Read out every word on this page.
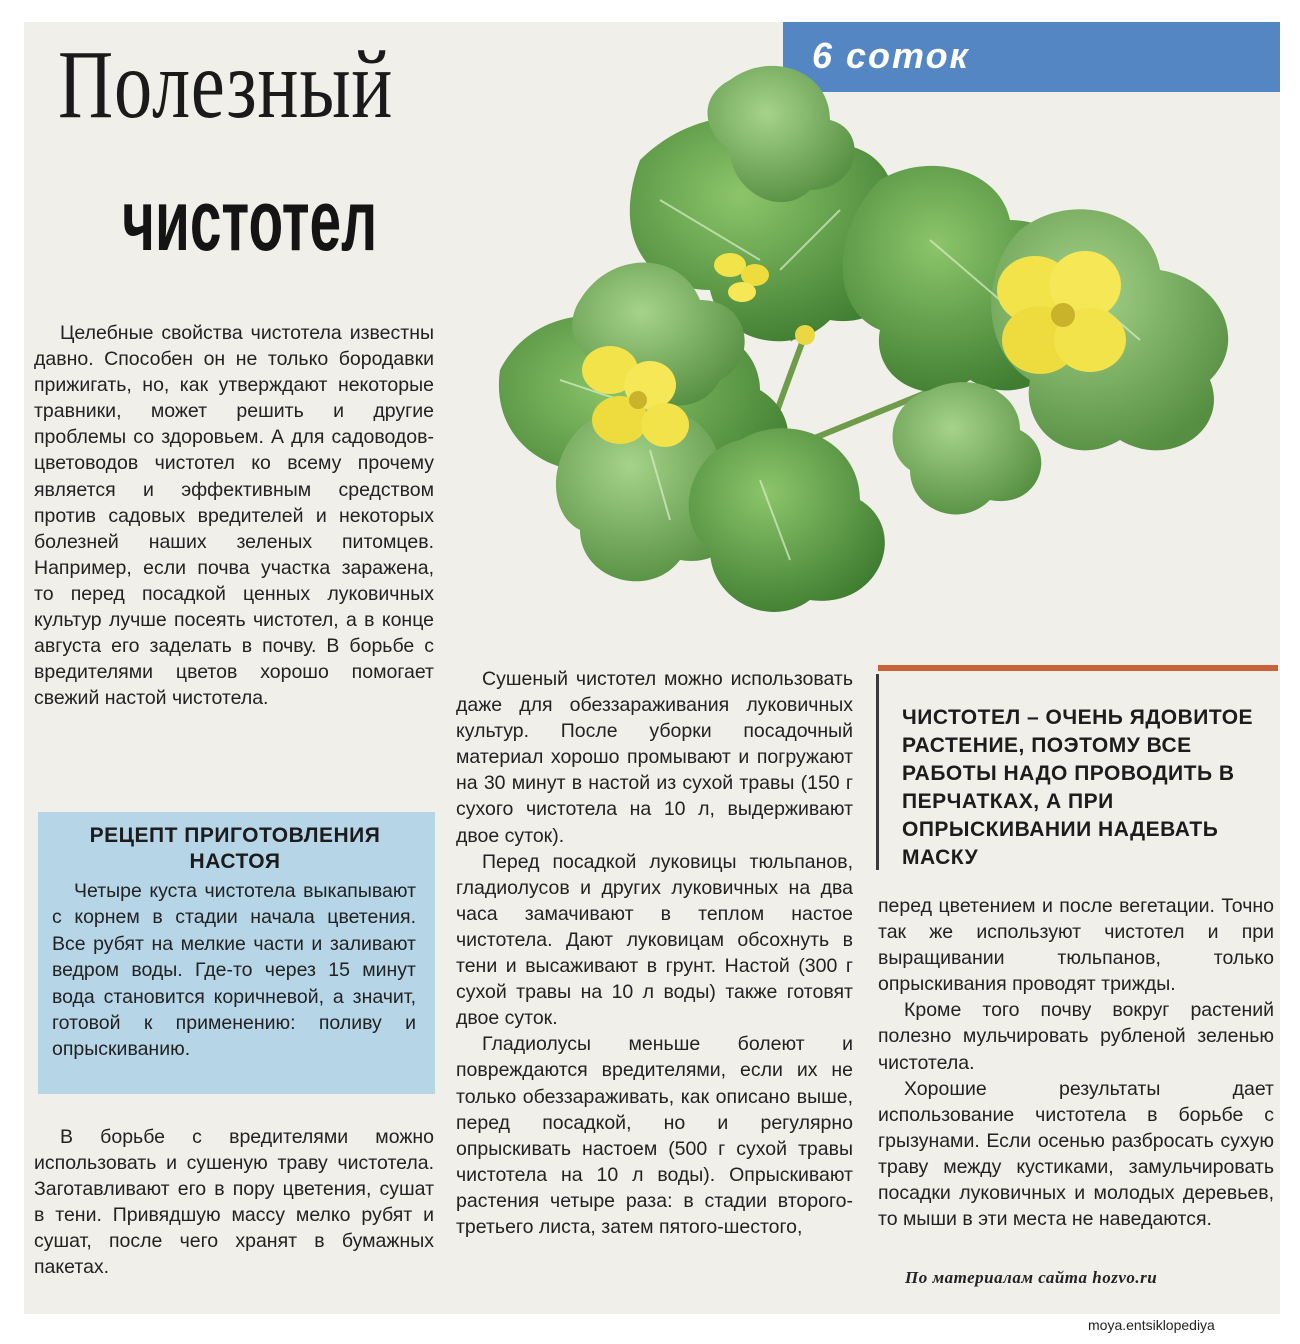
6 соток
Полезный
чистотел

Целебные свойства чистотела известны давно. Способен он не только бородавки прижигать, но, как утверждают некоторые травники, может решить и другие проблемы со здоровьем. А для садоводов-цветоводов чистотел ко всему прочему является и эффективным средством против садовых вредителей и некоторых болезней наших зеленых питомцев. Например, если почва участка заражена, то перед посадкой ценных луковичных культур лучше посеять чистотел, а в конце августа его заделать в почву. В борьбе с вредителями цветов хорошо помогает свежий настой чистотела.

РЕЦЕПТ ПРИГОТОВЛЕНИЯ НАСТОЯ

Четыре куста чистотела выкапывают с корнем в стадии начала цветения. Все рубят на мелкие части и заливают ведром воды. Где-то через 15 минут вода становится коричневой, а значит, готовой к применению: поливу и опрыскиванию.

В борьбе с вредителями можно использовать и сушеную траву чистотела. Заготавливают его в пору цветения, сушат в тени. Привядшую массу мелко рубят и сушат, после чего хранят в бумажных пакетах.

Сушеный чистотел можно использовать даже для обеззараживания луковичных культур. После уборки посадочный материал хорошо промывают и погружают на 30 минут в настой из сухой травы (150 г сухого чистотела на 10 л, выдерживают двое суток).

Перед посадкой луковицы тюльпанов, гладиолусов и других луковичных на два часа замачивают в теплом настое чистотела. Дают луковицам обсохнуть в тени и высаживают в грунт. Настой (300 г сухой травы на 10 л воды) также готовят двое суток.

Гладиолусы меньше болеют и повреждаются вредителями, если их не только обеззараживать, как описано выше, перед посадкой, но и регулярно опрыскивать настоем (500 г сухой травы чистотела на 10 л воды). Опрыскивают растения четыре раза: в стадии второго-третьего листа, затем пятого-шестого,

ЧИСТОТЕЛ – ОЧЕНЬ ЯДОВИТОЕ РАСТЕНИЕ, ПОЭТОМУ ВСЕ РАБОТЫ НАДО ПРОВОДИТЬ В ПЕРЧАТКАХ, А ПРИ ОПРЫСКИВАНИИ НАДЕВАТЬ МАСКУ

перед цветением и после вегетации. Точно так же используют чистотел и при выращивании тюльпанов, только опрыскивания проводят трижды.

Кроме того почву вокруг растений полезно мульчировать рубленой зеленью чистотела.

Хорошие результаты дает использование чистотела в борьбе с грызунами. Если осенью разбросать сухую траву между кустиками, замульчировать посадки луковичных и молодых деревьев, то мыши в эти места не наведаются.

По материалам сайта hozvo.ru

moya.entsiklopediya
